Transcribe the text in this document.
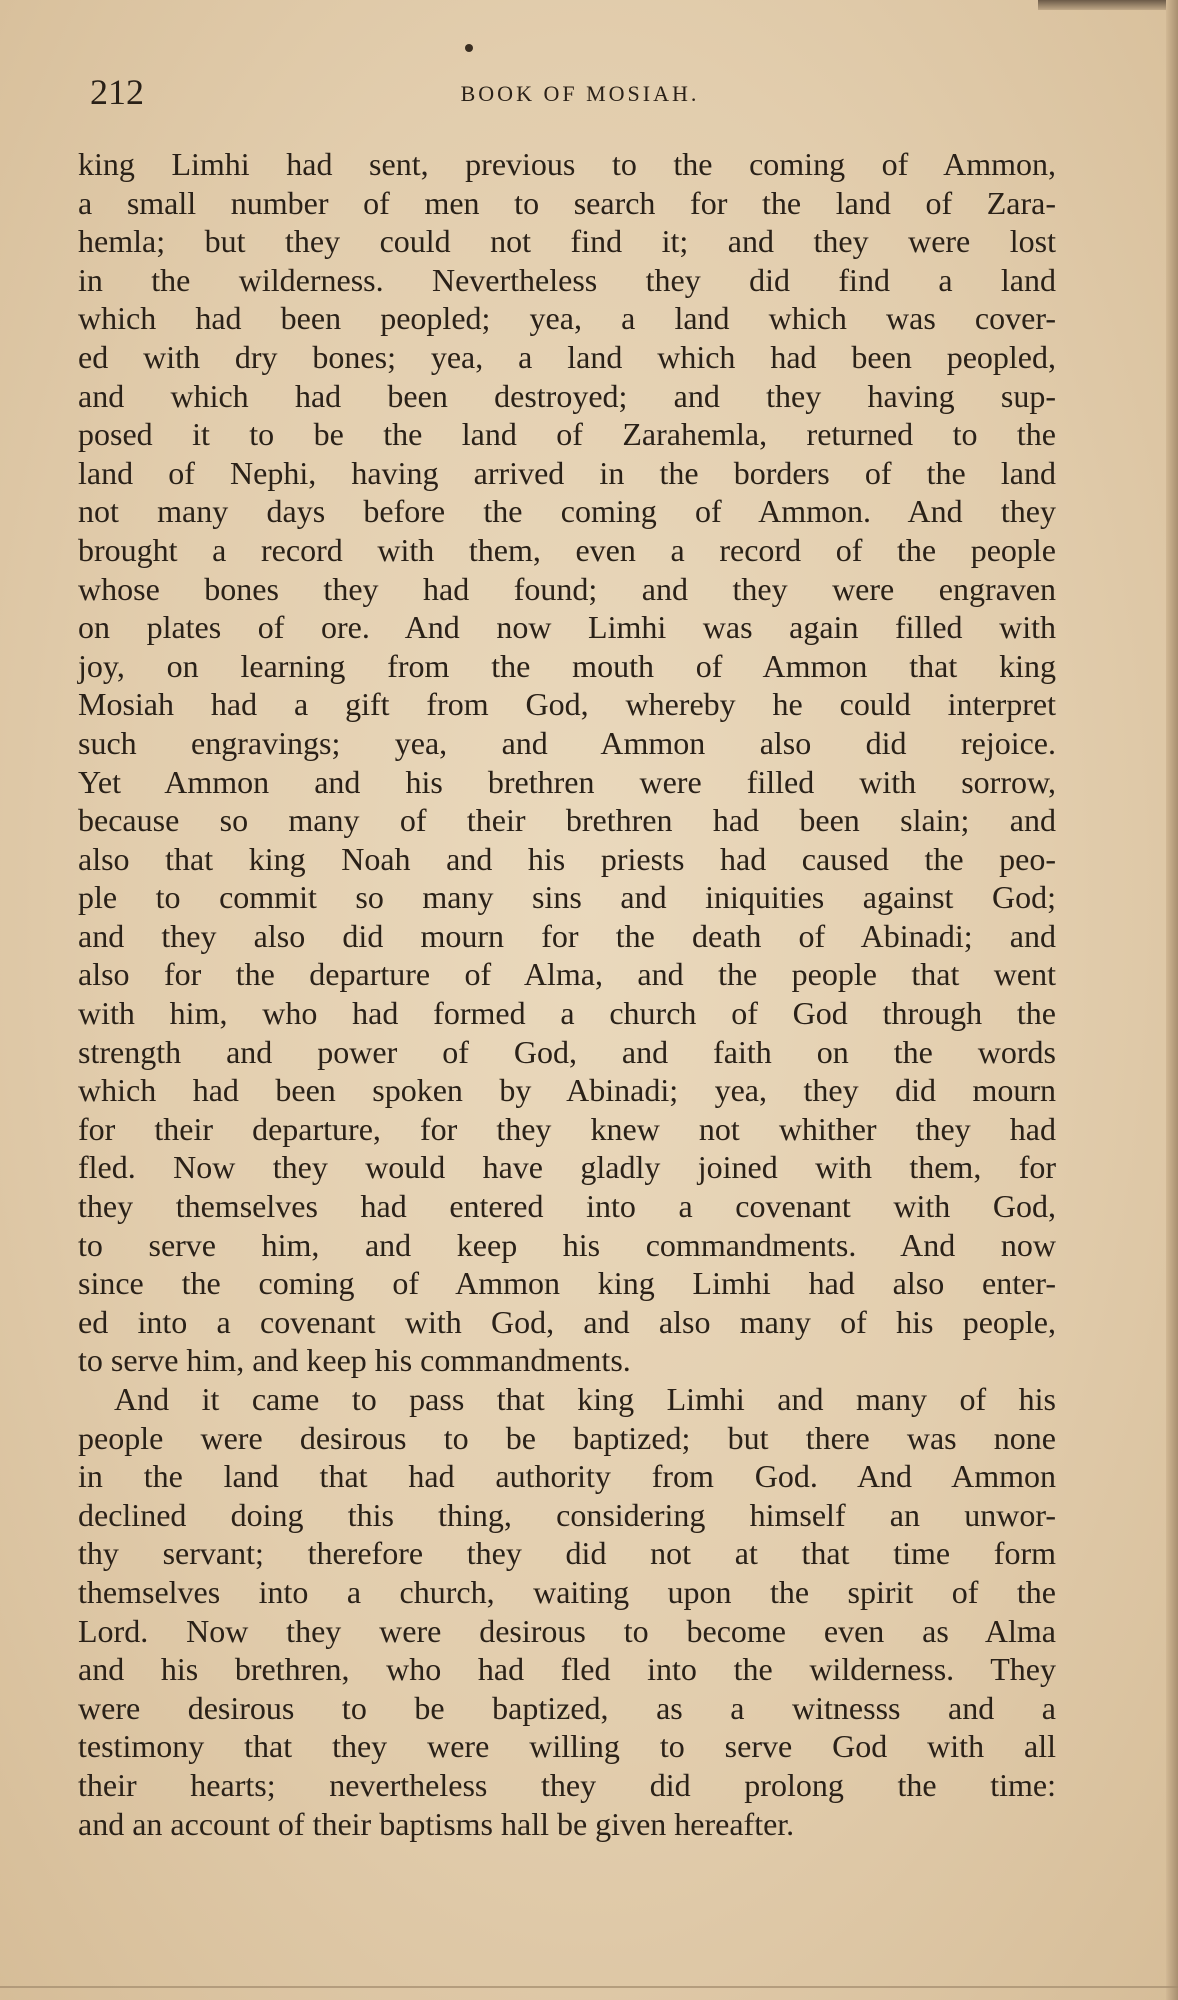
212	BOOK OF MOSIAH.
king Limhi had sent, previous to the coming of Ammon,
a small number of men to search for the land of Zara-
hemla; but they could not find it; and they were lost
in the wilderness. Nevertheless they did find a land
which had been peopled; yea, a land which was cover-
ed with dry bones; yea, a land which had been peopled,
and which had been destroyed; and they having sup-
posed it to be the land of Zarahemla, returned to the
land of Nephi, having arrived in the borders of the land
not many days before the coming of Ammon. And they
brought a record with them, even a record of the people
whose bones they had found; and they were engraven
on plates of ore. And now Limhi was again filled with
joy, on learning from the mouth of Ammon that king
Mosiah had a gift from God, whereby he could interpret
such engravings; yea, and Ammon also did rejoice.
Yet Ammon and his brethren were filled with sorrow,
because so many of their brethren had been slain; and
also that king Noah and his priests had caused the peo-
ple to commit so many sins and iniquities against God;
and they also did mourn for the death of Abinadi; and
also for the departure of Alma, and the people that went
with him, who had formed a church of God through the
strength and power of God, and faith on the words
which had been spoken by Abinadi; yea, they did mourn
for their departure, for they knew not whither they had
fled. Now they would have gladly joined with them, for
they themselves had entered into a covenant with God,
to serve him, and keep his commandments. And now
since the coming of Ammon king Limhi had also enter-
ed into a covenant with God, and also many of his people,
to serve him, and keep his commandments.
And it came to pass that king Limhi and many of his
people were desirous to be baptized; but there was none
in the land that had authority from God. And Ammon
declined doing this thing, considering himself an unwor-
thy servant; therefore they did not at that time form
themselves into a church, waiting upon the spirit of the
Lord. Now they were desirous to become even as Alma
and his brethren, who had fled into the wilderness. They
were desirous to be baptized, as a witnesss and a
testimony that they were willing to serve God with all
their hearts; nevertheless they did prolong the time:
and an account of their baptisms hall be given hereafter.
